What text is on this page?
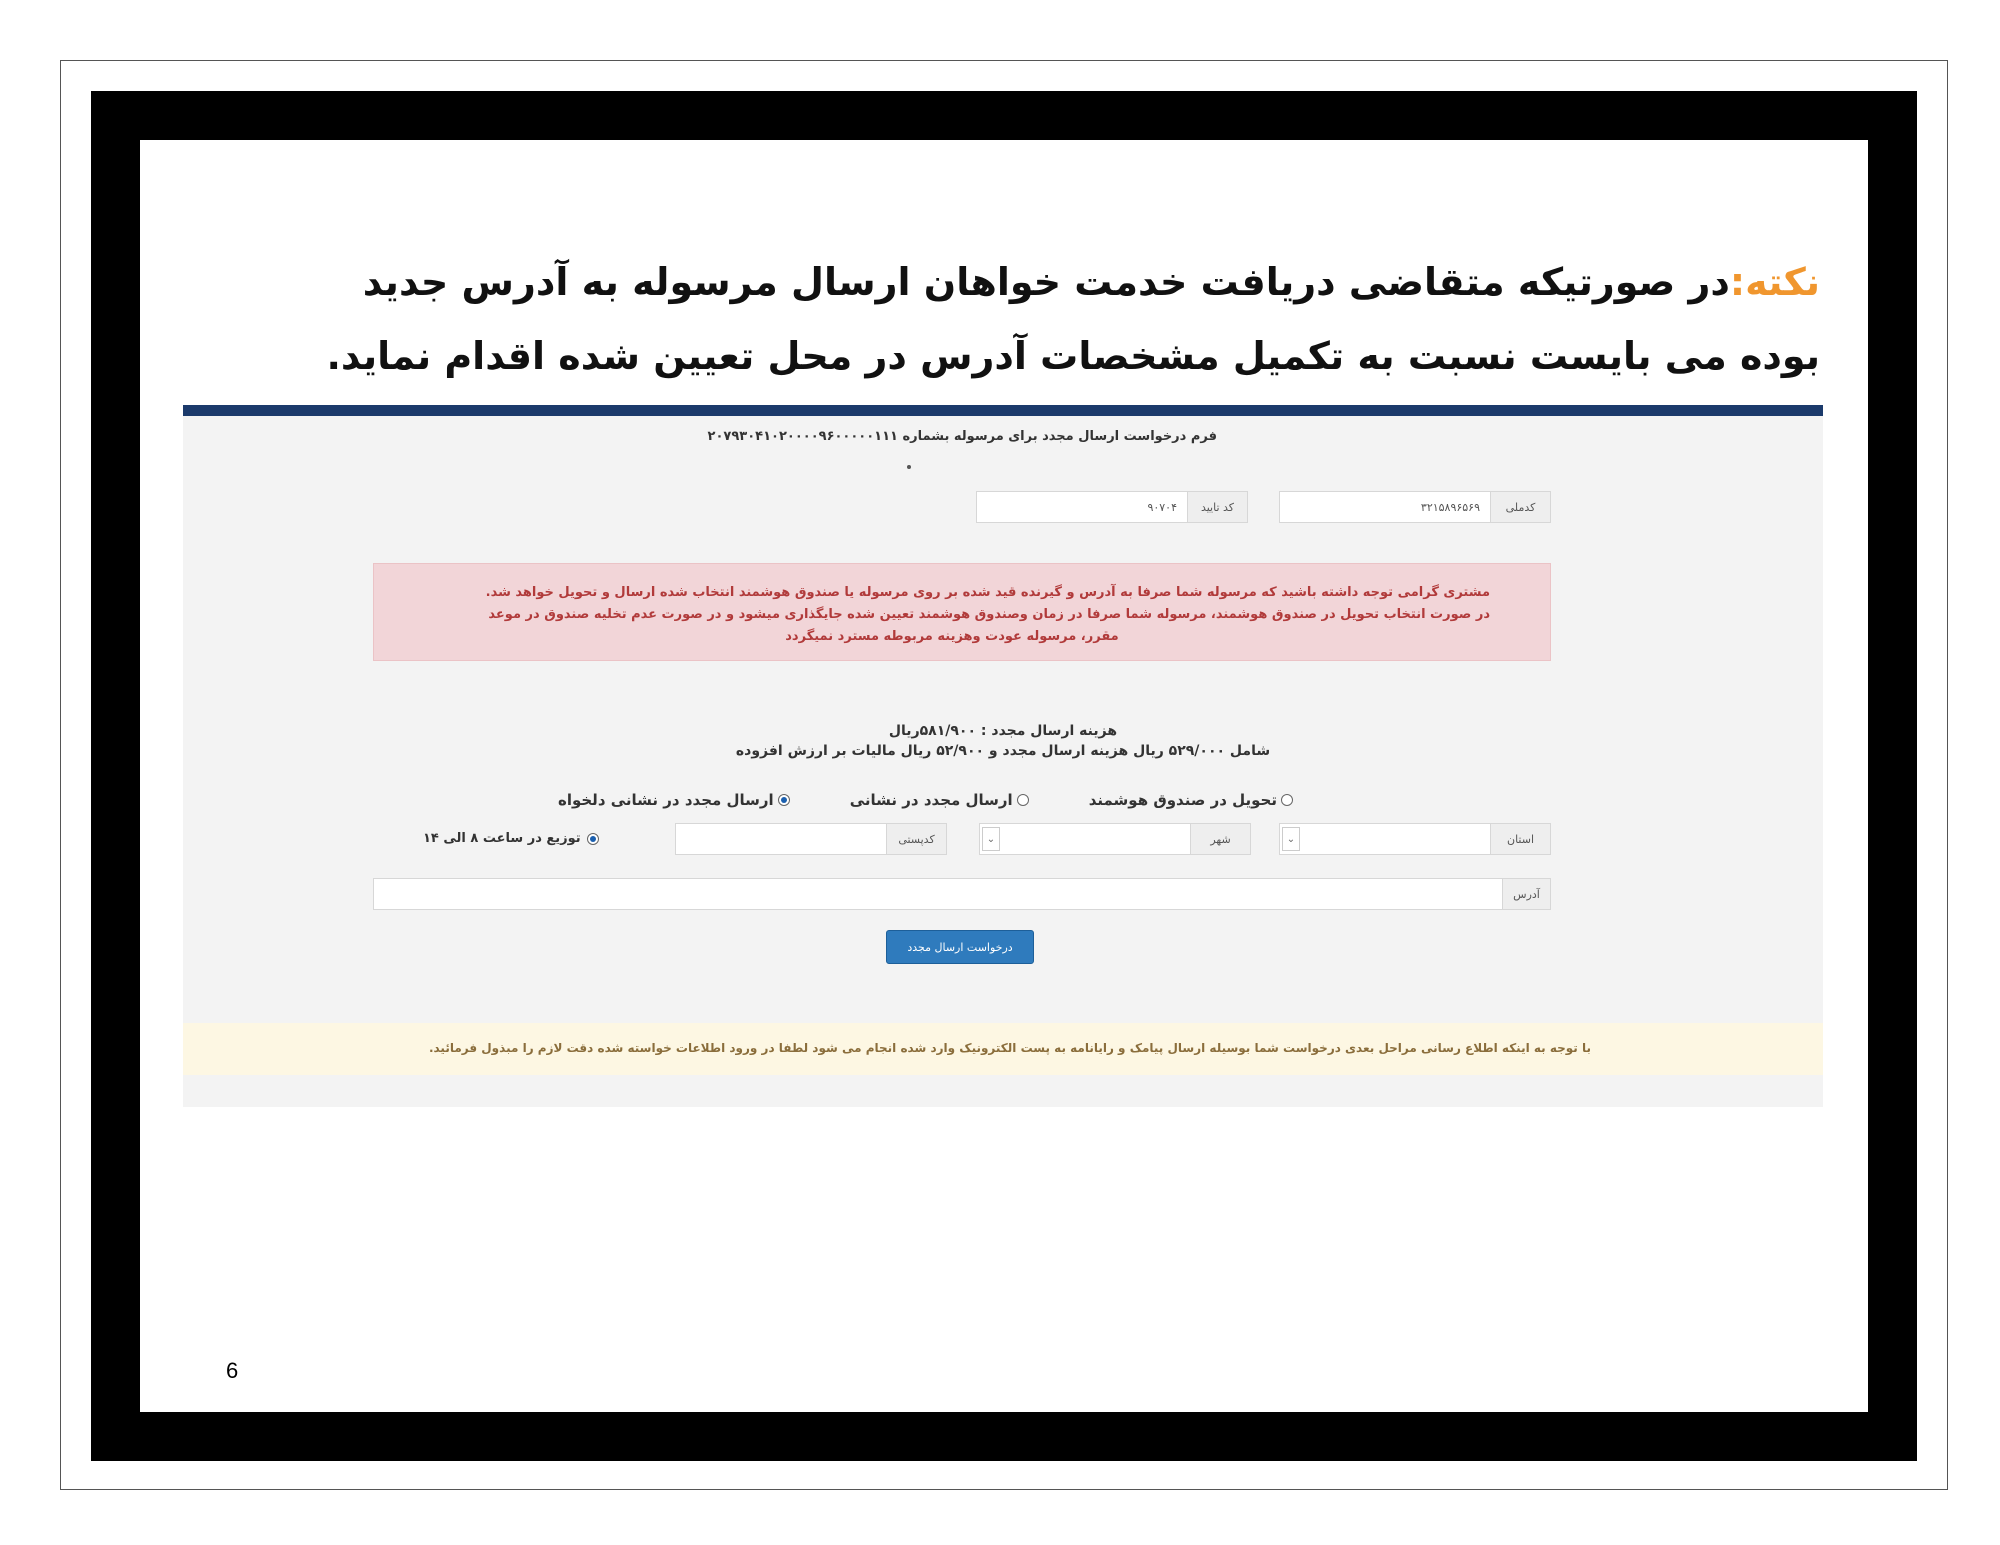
نکته:در صورتیکه متقاضی دریافت خدمت خواهان ارسال مرسوله به آدرس جدید بوده می بایست نسبت به تکمیل مشخصات آدرس در محل تعیین شده اقدام نماید.

فرم درخواست ارسال مجدد برای مرسوله بشماره ۲۰۷۹۳۰۴۱۰۲۰۰۰۰۹۶۰۰۰۰۰۱۱۱
کدملی
۳۲۱۵۸۹۶۵۶۹
کد تایید
۹۰۷۰۴
مشتری گرامی توجه داشته باشید که مرسوله شما صرفا به آدرس و گیرنده قید شده بر روی مرسوله یا صندوق هوشمند انتخاب شده ارسال و تحویل خواهد شد.
در صورت انتخاب تحویل در صندوق هوشمند، مرسوله شما صرفا در زمان وصندوق هوشمند تعیین شده جایگذاری میشود و در صورت عدم تخلیه صندوق در موعد

مقرر، مرسوله عودت وهزینه مربوطه مسترد نمیگردد
هزینه ارسال مجدد : ۵۸۱/۹۰۰ریال
شامل ۵۲۹/۰۰۰ ریال هزینه ارسال مجدد و ۵۲/۹۰۰ ریال مالیات بر ارزش افزوده
تحویل در صندوق هوشمند
ارسال مجدد در نشانی
ارسال مجدد در نشانی دلخواه
استان
⌄
شهر
⌄
کدپستی
توزیع در ساعت ۸ الی ۱۴
آدرس
درخواست ارسال مجدد
با توجه به اینکه اطلاع رسانی مراحل بعدی درخواست شما بوسیله ارسال پیامک و رایانامه به پست الکترونیک وارد شده انجام می شود لطفا در ورود اطلاعات خواسته شده دقت لازم را مبذول فرمائید.
6
